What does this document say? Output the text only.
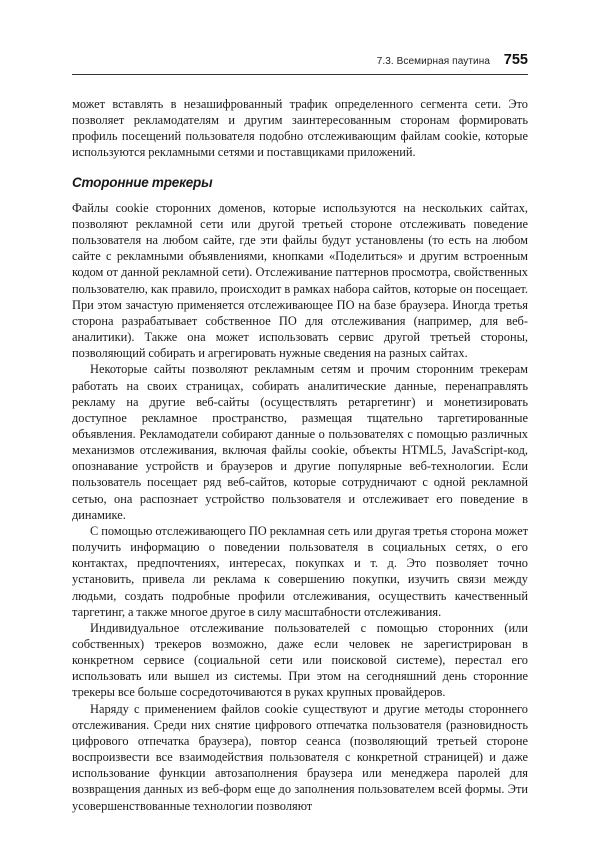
7.3. Всемирная паутина 755

может вставлять в незашифрованный трафик определенного сегмента сети. Это позволяет рекламодателям и другим заинтересованным сторонам формировать профиль посещений пользователя подобно отслеживающим файлам cookie, которые используются рекламными сетями и поставщиками приложений.

Сторонние трекеры

Файлы cookie сторонних доменов, которые используются на нескольких сайтах, позволяют рекламной сети или другой третьей стороне отслеживать поведение пользователя на любом сайте, где эти файлы будут установлены (то есть на любом сайте с рекламными объявлениями, кнопками «Поделиться» и другим встроенным кодом от данной рекламной сети). Отслеживание паттернов просмотра, свойственных пользователю, как правило, происходит в рамках набора сайтов, которые он посещает. При этом зачастую применяется отслеживающее ПО на базе браузера. Иногда третья сторона разрабатывает собственное ПО для отслеживания (например, для веб-аналитики). Также она может использовать сервис другой третьей стороны, позволяющий собирать и агрегировать нужные сведения на разных сайтах.

Некоторые сайты позволяют рекламным сетям и прочим сторонним трекерам работать на своих страницах, собирать аналитические данные, перенаправлять рекламу на другие веб-сайты (осуществлять ретаргетинг) и монетизировать доступное рекламное пространство, размещая тщательно таргетированные объявления. Рекламодатели собирают данные о пользователях с помощью различных механизмов отслеживания, включая файлы cookie, объекты HTML5, JavaScript-код, опознавание устройств и браузеров и другие популярные веб-технологии. Если пользователь посещает ряд веб-сайтов, которые сотрудничают с одной рекламной сетью, она распознает устройство пользователя и отслеживает его поведение в динамике.

С помощью отслеживающего ПО рекламная сеть или другая третья сторона может получить информацию о поведении пользователя в социальных сетях, о его контактах, предпочтениях, интересах, покупках и т. д. Это позволяет точно установить, привела ли реклама к совершению покупки, изучить связи между людьми, создать подробные профили отслеживания, осуществить качественный таргетинг, а также многое другое в силу масштабности отслеживания.

Индивидуальное отслеживание пользователей с помощью сторонних (или собственных) трекеров возможно, даже если человек не зарегистрирован в конкретном сервисе (социальной сети или поисковой системе), перестал его использовать или вышел из системы. При этом на сегодняшний день сторонние трекеры все больше сосредоточиваются в руках крупных провайдеров.

Наряду с применением файлов cookie существуют и другие методы стороннего отслеживания. Среди них снятие цифрового отпечатка пользователя (разновидность цифрового отпечатка браузера), повтор сеанса (позволяющий третьей стороне воспроизвести все взаимодействия пользователя с конкретной страницей) и даже использование функции автозаполнения браузера или менеджера паролей для возвращения данных из веб-форм еще до заполнения пользователем всей формы. Эти усовершенствованные технологии позволяют
